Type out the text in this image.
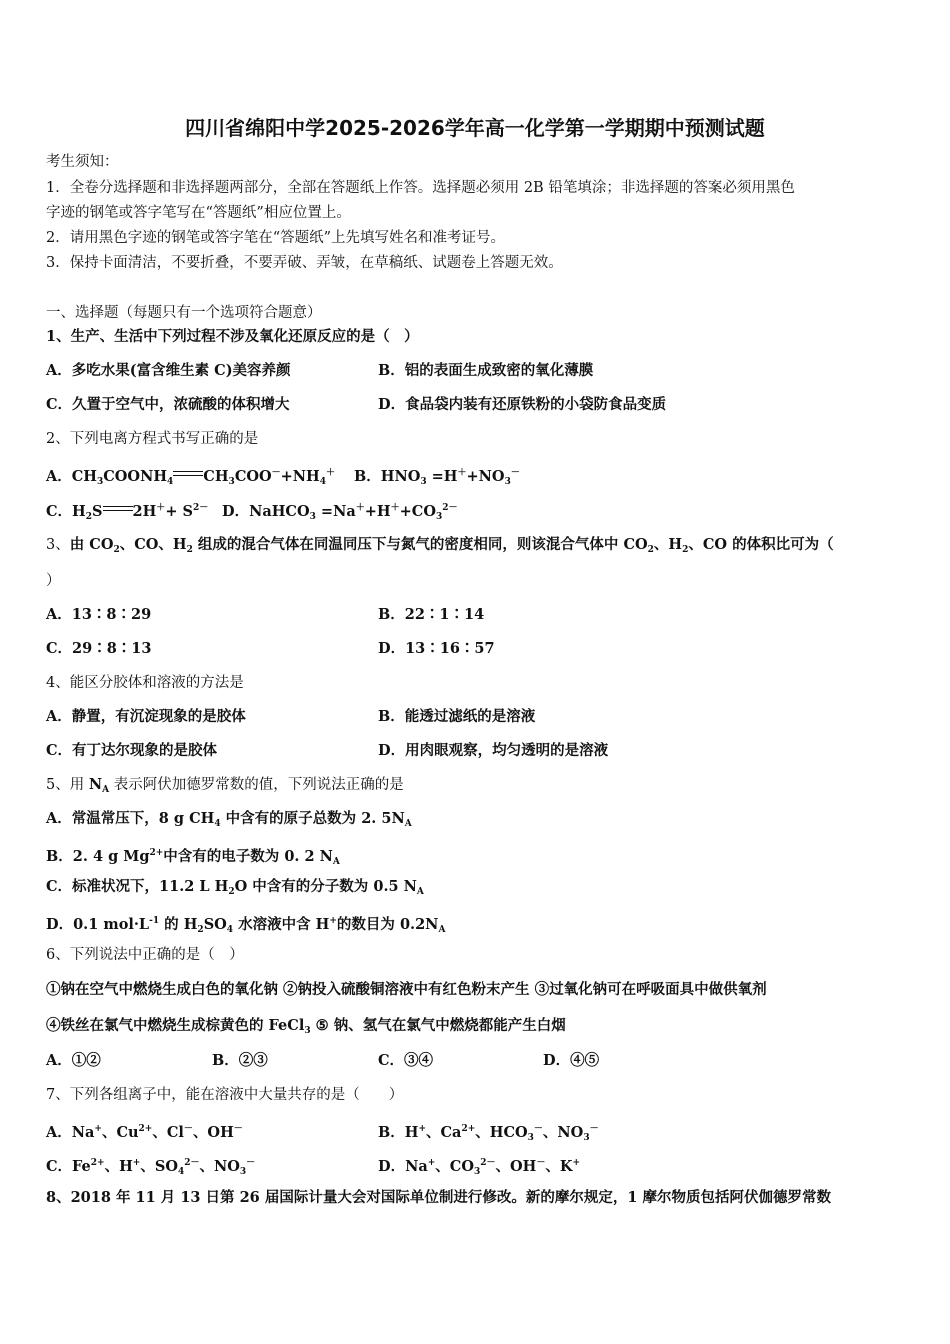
四川省绵阳中学2025-2026学年高一化学第一学期期中预测试题
考生须知：
1．全卷分选择题和非选择题两部分，全部在答题纸上作答。选择题必须用 2B 铅笔填涂；非选择题的答案必须用黑色
字迹的钢笔或答字笔写在“答题纸”相应位置上。
2．请用黑色字迹的钢笔或答字笔在“答题纸”上先填写姓名和准考证号。
3．保持卡面清洁，不要折叠，不要弄破、弄皱，在草稿纸、试题卷上答题无效。
一、选择题（每题只有一个选项符合题意）
1、生产、生活中下列过程不涉及氧化还原反应的是（　）
A．多吃水果(富含维生素 C)美容养颜	B．铝的表面生成致密的氧化薄膜
C．久置于空气中，浓硫酸的体积增大	D．食品袋内装有还原铁粉的小袋防食品变质
2、下列电离方程式书写正确的是
A．$CH_3COONH_4$ $CH_3COO^-+NH_4^+$ B．$HNO_3 =H^++NO_3^-$
C．$H_2S$ $2H^++ S^{2-}$ D．NaHCO$_3$ $=Na^++H^++CO_3^{2-}$
3、由 $CO_2$、CO、$H_2$ 组成的混合气体在同温同压下与氮气的密度相同，则该混合气体中 $CO_2$、$H_2$、CO 的体积比可为（
）
A．13∶8∶29	B．22∶1∶14
C．29∶8∶13	D．13∶16∶57
4、能区分胶体和溶液的方法是
A．静置，有沉淀现象的是胶体	B．能透过滤纸的是溶液
C．有丁达尔现象的是胶体	D．用肉眼观察，均匀透明的是溶液
5、用 $N_A$ 表示阿伏加德罗常数的值，下列说法正确的是
A．常温常压下，8 g $CH_4$ 中含有的原子总数为 2. $5N_A$
B．2. 4 g $Mg^{2+}$中含有的电子数为 0. 2 $N_A$
C．标准状况下，11.2 L $H_2O$ 中含有的分子数为 0.5 $N_A$
D．0.1 $mol\cdot L^{-1}$ 的 $H_2SO_4$ 水溶液中含 H+的数目为 $0.2N_A$
6、下列说法中正确的是（　）
①钠在空气中燃烧生成白色的氧化钠 ②钠投入硫酸铜溶液中有红色粉末产生 ③过氧化钠可在呼吸面具中做供氧剂
④铁丝在氯气中燃烧生成棕黄色的 FeCl$_3$ ⑤ 钠、氢气在氯气中燃烧都能产生白烟
A．①②	B．②③	C．③④	D．④⑤
7、下列各组离子中，能在溶液中大量共存的是（　　）
A．Na+、$Cu^{2+}$、Cl－、OH－	B．H+、$Ca^{2+}$、$HCO_3^-$、$NO_3^-$
C．$Fe^{2+}$、H+、$SO_4^{2-}$、$NO_3^-$	D．Na+、$CO_3^{2-}$、OH－、K+
8、2018 年 11 月 13 日第 26 届国际计量大会对国际单位制进行修改。新的摩尔规定，1 摩尔物质包括阿伏伽德罗常数
